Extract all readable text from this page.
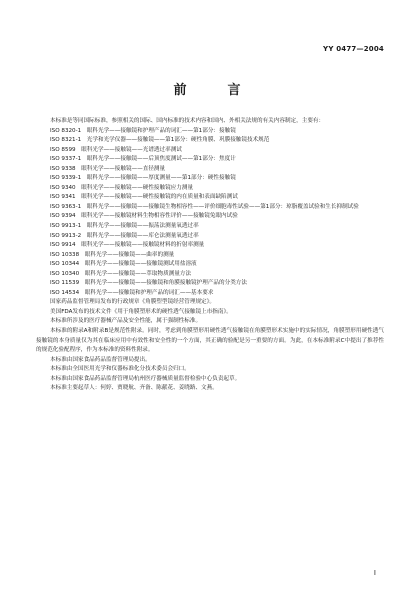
YY 0477—2004
前　言

本标准是等同国际标准，参照相关的国际、国内标准的技术内容和国内、外相关法规的有关内容制定，主要有：

ISO 8320-1　眼科光学——接触镜和护理产品的词汇——第1部分：接触镜

ISO 8321-1　光学和光学仪器——接触镜——第1部分：硬性角膜、巩膜接触镜技术规范

ISO 8599　眼科光学——接触镜——光谱透过率测试

ISO 9337-1　眼科光学——接触镜——后顶焦度测试——第1部分：焦度计

ISO 9338　眼科光学——接触镜——直径测量

ISO 9339-1　眼科光学——接触镜——厚度测量——第1部分：硬性接触镜

ISO 9340　眼科光学——接触镜——硬性接触镜应力测量

ISO 9341　眼科光学——接触镜——硬性接触镜的内在质量和表面缺陷测试

ISO 9363-1　眼科光学——接触镜——接触镜生物相容性——评价细胞毒性试验——第1部分：琼脂覆盖试验和生长抑制试验

ISO 9394　眼科光学——接触镜材料生物相容性评价——接触镜兔眼内试验

ISO 9913-1　眼科光学——接触镜——振荡法测量氧透过率

ISO 9913-2　眼科光学——接触镜——库仑法测量氧透过率

ISO 9914　眼科光学——接触镜——接触镜材料的折射率测量

ISO 10338　眼科光学——接触镜——曲率的测量

ISO 10344　眼科光学——接触镜——接触镜测试用盐溶液

ISO 10340　眼科光学——接触镜——萃取物质测量方法

ISO 11539　眼科光学——接触镜——接触镜和角膜接触镜护理产品的分类方法

ISO 14534　眼科光学——接触镜和护理产品的词汇——基本要求

国家药品监督管理局发布的行政规章《角膜塑型镜经营管理规定》。

美国FDA发布的技术文件《用于角膜塑形术的硬性透气接触镜上市指南》。

本标准所涉及的医疗器械产品及安全性能，属于强制性标准。

本标准的附录A和附录B是规范性附录。同时，考虑到角膜塑形用硬性透气接触镜在角膜塑形术实施中的实际情况，角膜塑形用硬性透气接触镜的本身质量仅为其在临床应用中有效性和安全性的一个方面，其正确的验配是另一重要的方面。为此，在本标准附录C中提出了推荐性的规范化验配程序，作为本标准的资料性附录。

本标准由国家食品药品监督管理局提出。

本标准由全国医用光学和仪器标准化分技术委员会归口。

本标准由国家食品药品监督管理局杭州医疗器械质量监督检验中心负责起草。

本标准主要起草人：何婷、贾晓航、齐备、陈献花、姜晓路、文燕。

I
